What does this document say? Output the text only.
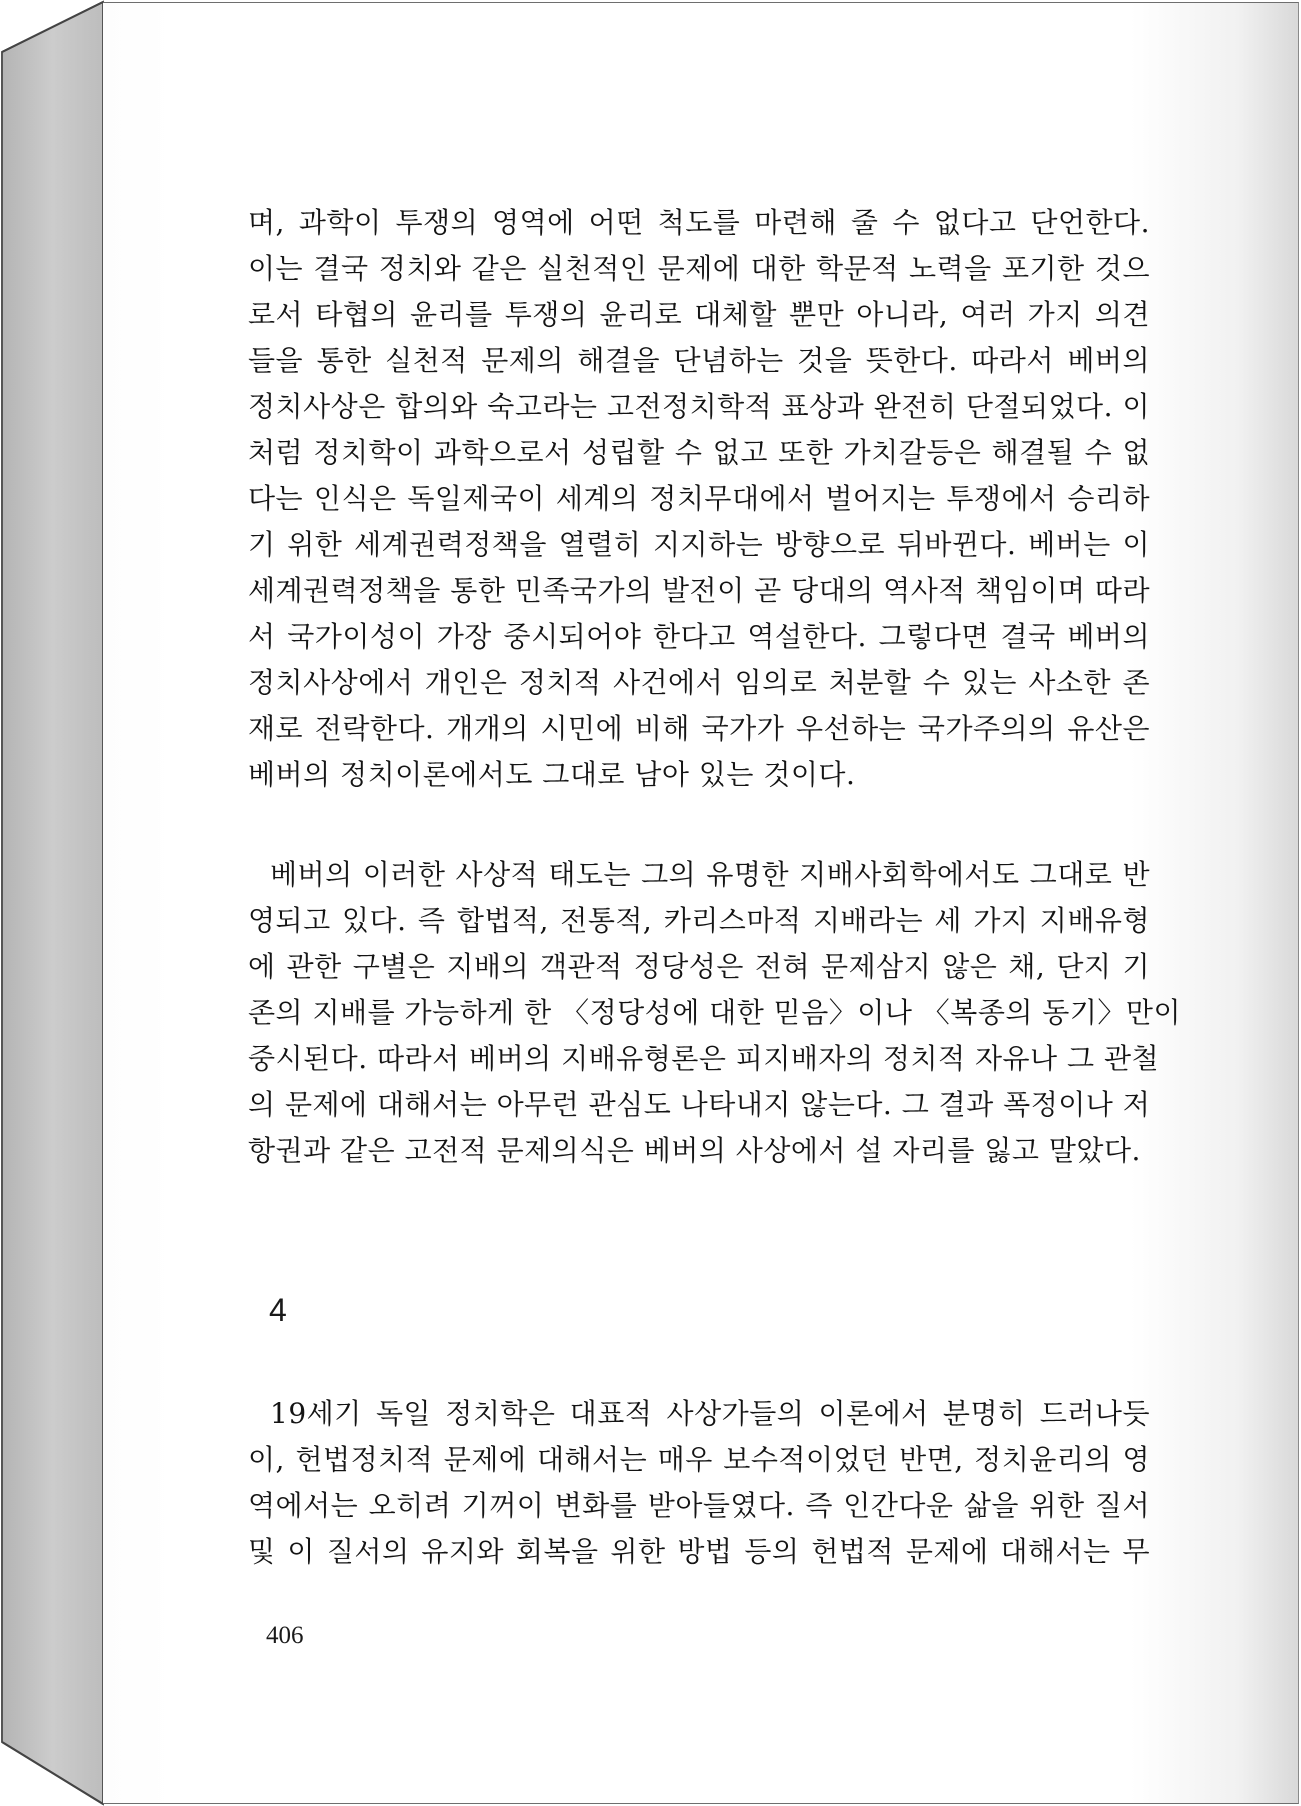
며, 과학이 투쟁의 영역에 어떤 척도를 마련해 줄 수 없다고 단언한다.
이는 결국 정치와 같은 실천적인 문제에 대한 학문적 노력을 포기한 것으
로서 타협의 윤리를 투쟁의 윤리로 대체할 뿐만 아니라, 여러 가지 의견
들을 통한 실천적 문제의 해결을 단념하는 것을 뜻한다. 따라서 베버의
정치사상은 합의와 숙고라는 고전정치학적 표상과 완전히 단절되었다. 이
처럼 정치학이 과학으로서 성립할 수 없고 또한 가치갈등은 해결될 수 없
다는 인식은 독일제국이 세계의 정치무대에서 벌어지는 투쟁에서 승리하
기 위한 세계권력정책을 열렬히 지지하는 방향으로 뒤바뀐다. 베버는 이
세계권력정책을 통한 민족국가의 발전이 곧 당대의 역사적 책임이며 따라
서 국가이성이 가장 중시되어야 한다고 역설한다. 그렇다면 결국 베버의
정치사상에서 개인은 정치적 사건에서 임의로 처분할 수 있는 사소한 존
재로 전락한다. 개개의 시민에 비해 국가가 우선하는 국가주의의 유산은
베버의 정치이론에서도 그대로 남아 있는 것이다.
베버의 이러한 사상적 태도는 그의 유명한 지배사회학에서도 그대로 반
영되고 있다. 즉 합법적, 전통적, 카리스마적 지배라는 세 가지 지배유형
에 관한 구별은 지배의 객관적 정당성은 전혀 문제삼지 않은 채, 단지 기
존의 지배를 가능하게 한 〈정당성에 대한 믿음〉이나 〈복종의 동기〉만이
중시된다. 따라서 베버의 지배유형론은 피지배자의 정치적 자유나 그 관철
의 문제에 대해서는 아무런 관심도 나타내지 않는다. 그 결과 폭정이나 저
항권과 같은 고전적 문제의식은 베버의 사상에서 설 자리를 잃고 말았다.
4
19세기 독일 정치학은 대표적 사상가들의 이론에서 분명히 드러나듯
이, 헌법정치적 문제에 대해서는 매우 보수적이었던 반면, 정치윤리의 영
역에서는 오히려 기꺼이 변화를 받아들였다. 즉 인간다운 삶을 위한 질서
및 이 질서의 유지와 회복을 위한 방법 등의 헌법적 문제에 대해서는 무
406
